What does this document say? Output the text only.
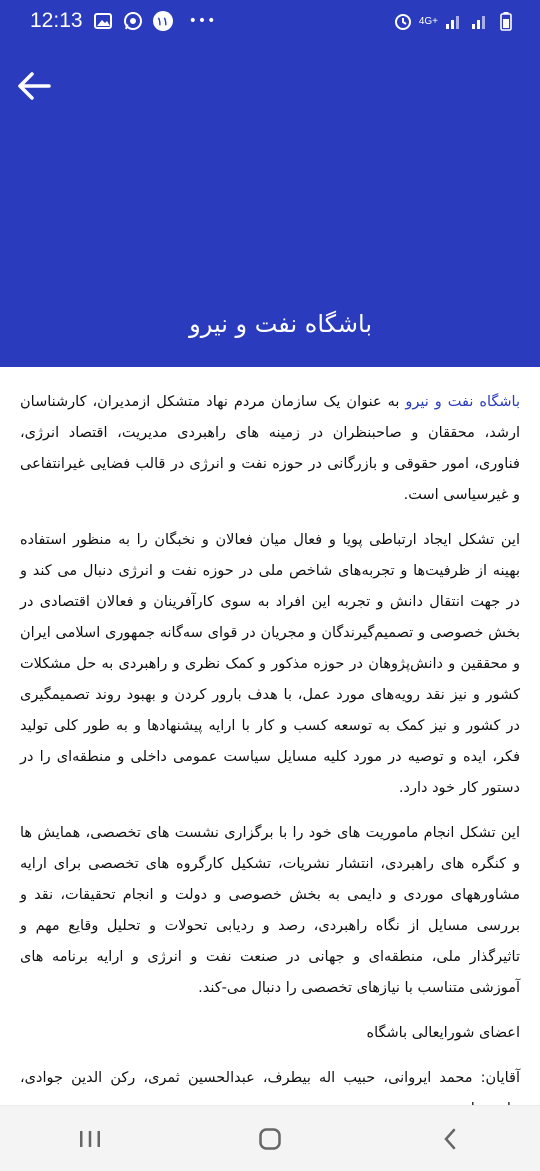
12:13	۱۱ •••	4G+
باشگاه نفت و نیرو

باشگاه نفت و نیرو به عنوان یک سازمان مردم نهاد متشکل ازمدیران، کارشناسان ارشد، محققان و صاحبنظران در زمینه های راهبردی مدیریت، اقتصاد انرژی، فناوری، امور حقوقی و بازرگانی در حوزه نفت و انرژی در قالب فضایی غیرانتفاعی و غیرسیاسی است.

این تشکل ایجاد ارتباطی پویا و فعال میان فعالان و نخبگان را به منظور استفاده بهینه از ظرفیت‌ها و تجربه‌های شاخص ملی در حوزه نفت و انرژی دنبال می کند و در جهت انتقال دانش و تجربه این افراد به سوی کارآفرینان و فعالان اقتصادی در بخش خصوصی و تصمیم‌گیرندگان و مجریان در قوای سه‌گانه جمهوری اسلامی ایران و محققین و دانش‌پژوهان در حوزه مذکور و کمک نظری و راهبردی به حل مشکلات کشور و نیز نقد رویه‌های مورد عمل، با هدف بارور کردن و بهبود روند تصمیمگیری در کشور و نیز کمک به توسعه کسب و کار با ارایه پیشنهادها و به طور کلی تولید فکر، ایده و توصیه در مورد کلیه مسایل سیاست عمومی داخلی و منطقه‌ای را در دستور کار خود دارد.

این تشکل انجام ماموریت های خود را با برگزاری نشست های تخصصی، همایش ها و کنگره های راهبردی، انتشار نشریات، تشکیل کارگروه های تخصصی برای ارایه مشاورههای موردی و دایمی به بخش خصوصی و دولت و انجام تحقیقات، نقد و بررسی مسایل از نگاه راهبردی، رصد و ردیابی تحولات و تحلیل وقایع مهم و تاثیرگذار ملی، منطقه‌ای و جهانی در صنعت نفت و انرژی و ارایه برنامه های آموزشی متناسب با نیازهای تخصصی را دنبال می-کند.

اعضای شورایعالی باشگاه

آقایان: محمد ایروانی، حبیب اله بیطرف، عبدالحسین ثمری، رکن الدین جوادی،
